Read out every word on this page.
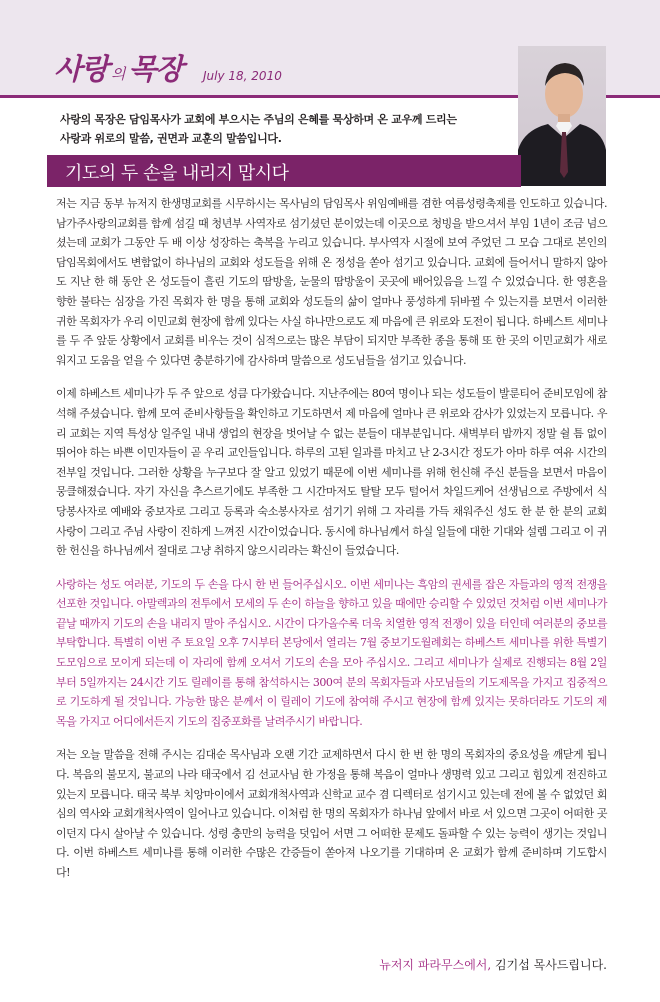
사랑 의 목장 July 18, 2010
사랑의 목장은 담임목사가 교회에 부으시는 주님의 은혜를 묵상하며 온 교우께 드리는
사랑과 위로의 말씀, 권면과 교훈의 말씀입니다.
기도의 두 손을 내리지 맙시다

저는 지금 동부 뉴저지 한생명교회를 시무하시는 목사님의 담임목사 위임예배를 겸한 여름성령축제를 인도하고 있습니다. 남가주사랑의교회를 함께 섬길 때 청년부 사역자로 섬기셨던 분이었는데 이곳으로 청빙을 받으셔서 부임 1년이 조금 넘으셨는데 교회가 그동안 두 배 이상 성장하는 축복을 누리고 있습니다. 부사역자 시절에 보여 주었던 그 모습 그대로 본인의 담임목회에서도 변함없이 하나님의 교회와 성도들을 위해 온 정성을 쏟아 섬기고 있습니다. 교회에 들어서니 말하지 않아도 지난 한 해 동안 온 성도들이 흘린 기도의 땀방울, 눈물의 땀방울이 곳곳에 배어있음을 느낄 수 있었습니다. 한 영혼을 향한 불타는 심장을 가진 목회자 한 명을 통해 교회와 성도들의 삶이 얼마나 풍성하게 뒤바뀔 수 있는지를 보면서 이러한 귀한 목회자가 우리 이민교회 현장에 함께 있다는 사실 하나만으로도 제 마음에 큰 위로와 도전이 됩니다. 하베스트 세미나를 두 주 앞둔 상황에서 교회를 비우는 것이 심적으로는 많은 부담이 되지만 부족한 종을 통해 또 한 곳의 이민교회가 새로워지고 도움을 얻을 수 있다면 충분하기에 감사하며 말씀으로 성도님들을 섬기고 있습니다.

이제 하베스트 세미나가 두 주 앞으로 성큼 다가왔습니다. 지난주에는 80여 명이나 되는 성도들이 발룬티어 준비모임에 참석해 주셨습니다. 함께 모여 준비사항들을 확인하고 기도하면서 제 마음에 얼마나 큰 위로와 감사가 있었는지 모릅니다. 우리 교회는 지역 특성상 일주일 내내 생업의 현장을 벗어날 수 없는 분들이 대부분입니다. 새벽부터 밤까지 정말 쉴 틈 없이 뛰어야 하는 바쁜 이민자들이 곧 우리 교인들입니다. 하루의 고된 일과를 마치고 난 2-3시간 정도가 아마 하루 여유 시간의 전부일 것입니다. 그러한 상황을 누구보다 잘 알고 있었기 때문에 이번 세미나를 위해 헌신해 주신 분들을 보면서 마음이 뭉클해졌습니다. 자기 자신을 추스르기에도 부족한 그 시간마저도 탈탈 모두 털어서 차일드케어 선생님으로 주방에서 식당봉사자로 예배와 중보자로 그리고 등록과 숙소봉사자로 섬기기 위해 그 자리를 가득 채워주신 성도 한 분 한 분의 교회 사랑이 그리고 주님 사랑이 진하게 느껴진 시간이었습니다. 동시에 하나님께서 하실 일들에 대한 기대와 설렘 그리고 이 귀한 헌신을 하나님께서 절대로 그냥 취하지 않으시리라는 확신이 들었습니다.

사랑하는 성도 여러분, 기도의 두 손을 다시 한 번 들어주십시오. 이번 세미나는 흑암의 권세를 잡은 자들과의 영적 전쟁을 선포한 것입니다. 아말렉과의 전투에서 모세의 두 손이 하늘을 향하고 있을 때에만 승리할 수 있었던 것처럼 이번 세미나가 끝날 때까지 기도의 손을 내리지 말아 주십시오. 시간이 다가올수록 더욱 치열한 영적 전쟁이 있을 터인데 여러분의 중보를 부탁합니다. 특별히 이번 주 토요일 오후 7시부터 본당에서 열리는 7월 중보기도월례회는 하베스트 세미나를 위한 특별기도모임으로 모이게 되는데 이 자리에 함께 오셔서 기도의 손을 모아 주십시오. 그리고 세미나가 실제로 진행되는 8월 2일부터 5일까지는 24시간 기도 릴레이를 통해 참석하시는 300여 분의 목회자들과 사모님들의 기도제목을 가지고 집중적으로 기도하게 될 것입니다. 가능한 많은 분께서 이 릴레이 기도에 참여해 주시고 현장에 함께 있지는 못하더라도 기도의 제목을 가지고 어디에서든지 기도의 집중포화를 날려주시기 바랍니다.

저는 오늘 말씀을 전해 주시는 김대순 목사님과 오랜 기간 교제하면서 다시 한 번 한 명의 목회자의 중요성을 깨닫게 됩니다. 복음의 불모지, 불교의 나라 태국에서 김 선교사님 한 가정을 통해 복음이 얼마나 생명력 있고 그리고 힘있게 전진하고 있는지 모릅니다. 태국 북부 치앙마이에서 교회개척사역과 신학교 교수 겸 디렉터로 섬기시고 있는데 전에 볼 수 없었던 회심의 역사와 교회개척사역이 일어나고 있습니다. 이처럼 한 명의 목회자가 하나님 앞에서 바로 서 있으면 그곳이 어떠한 곳이던지 다시 살아날 수 있습니다. 성령 충만의 능력을 덧입어 서면 그 어떠한 문제도 돌파할 수 있는 능력이 생기는 것입니다. 이번 하베스트 세미나를 통해 이러한 수많은 간증들이 쏟아져 나오기를 기대하며 온 교회가 함께 준비하며 기도합시다!

뉴저지 파라무스에서, 김기섭 목사드립니다.
